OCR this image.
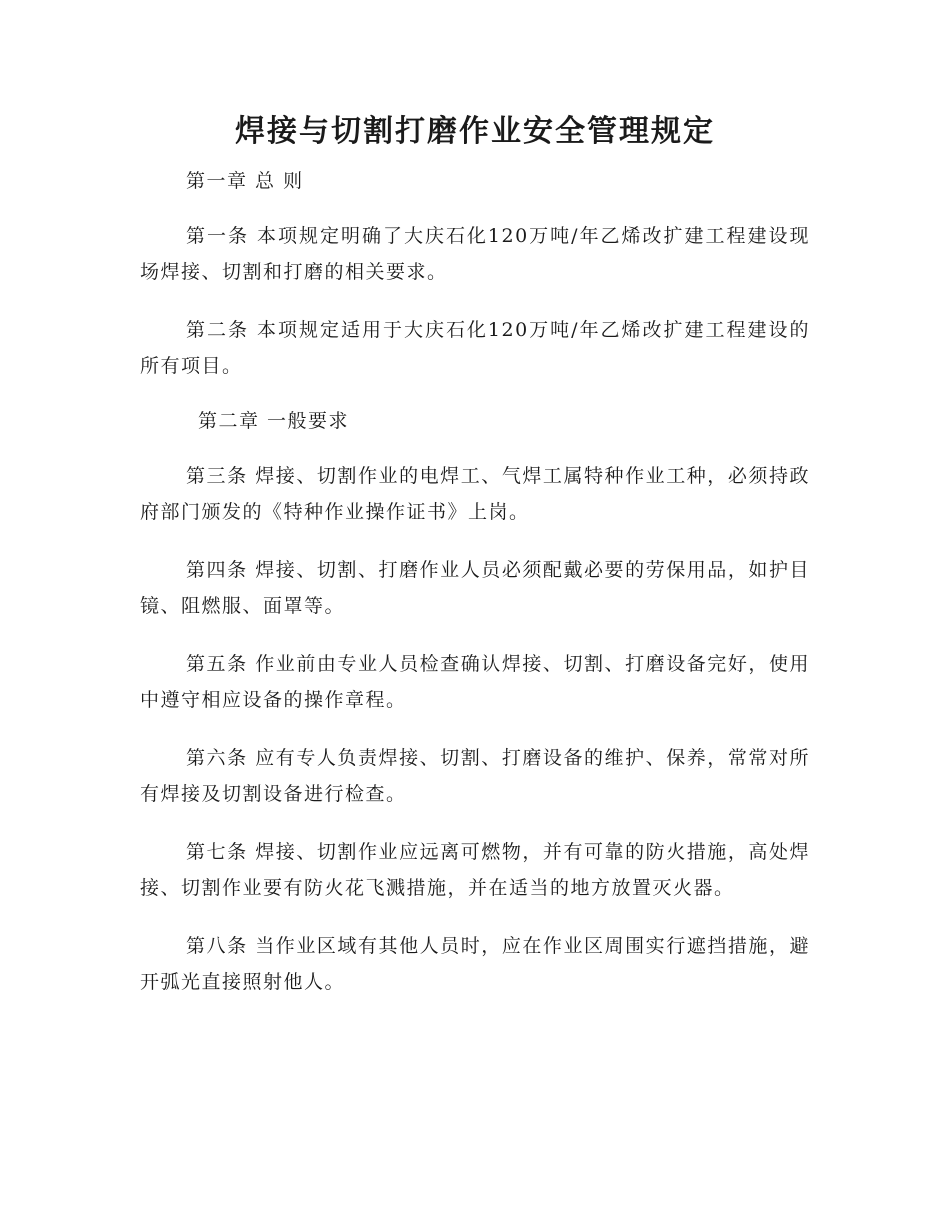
焊接与切割打磨作业安全管理规定

第一章 总 则

第一条 本项规定明确了大庆石化120万吨/年乙烯改扩建工程建设现场焊接、切割和打磨的相关要求。

第二条 本项规定适用于大庆石化120万吨/年乙烯改扩建工程建设的所有项目。

第二章 一般要求

第三条 焊接、切割作业的电焊工、气焊工属特种作业工种，必须持政府部门颁发的《特种作业操作证书》上岗。

第四条 焊接、切割、打磨作业人员必须配戴必要的劳保用品，如护目镜、阻燃服、面罩等。

第五条 作业前由专业人员检查确认焊接、切割、打磨设备完好，使用中遵守相应设备的操作章程。

第六条 应有专人负责焊接、切割、打磨设备的维护、保养，常常对所有焊接及切割设备进行检查。

第七条 焊接、切割作业应远离可燃物，并有可靠的防火措施，高处焊接、切割作业要有防火花飞溅措施，并在适当的地方放置灭火器。

第八条 当作业区域有其他人员时，应在作业区周围实行遮挡措施，避开弧光直接照射他人。
